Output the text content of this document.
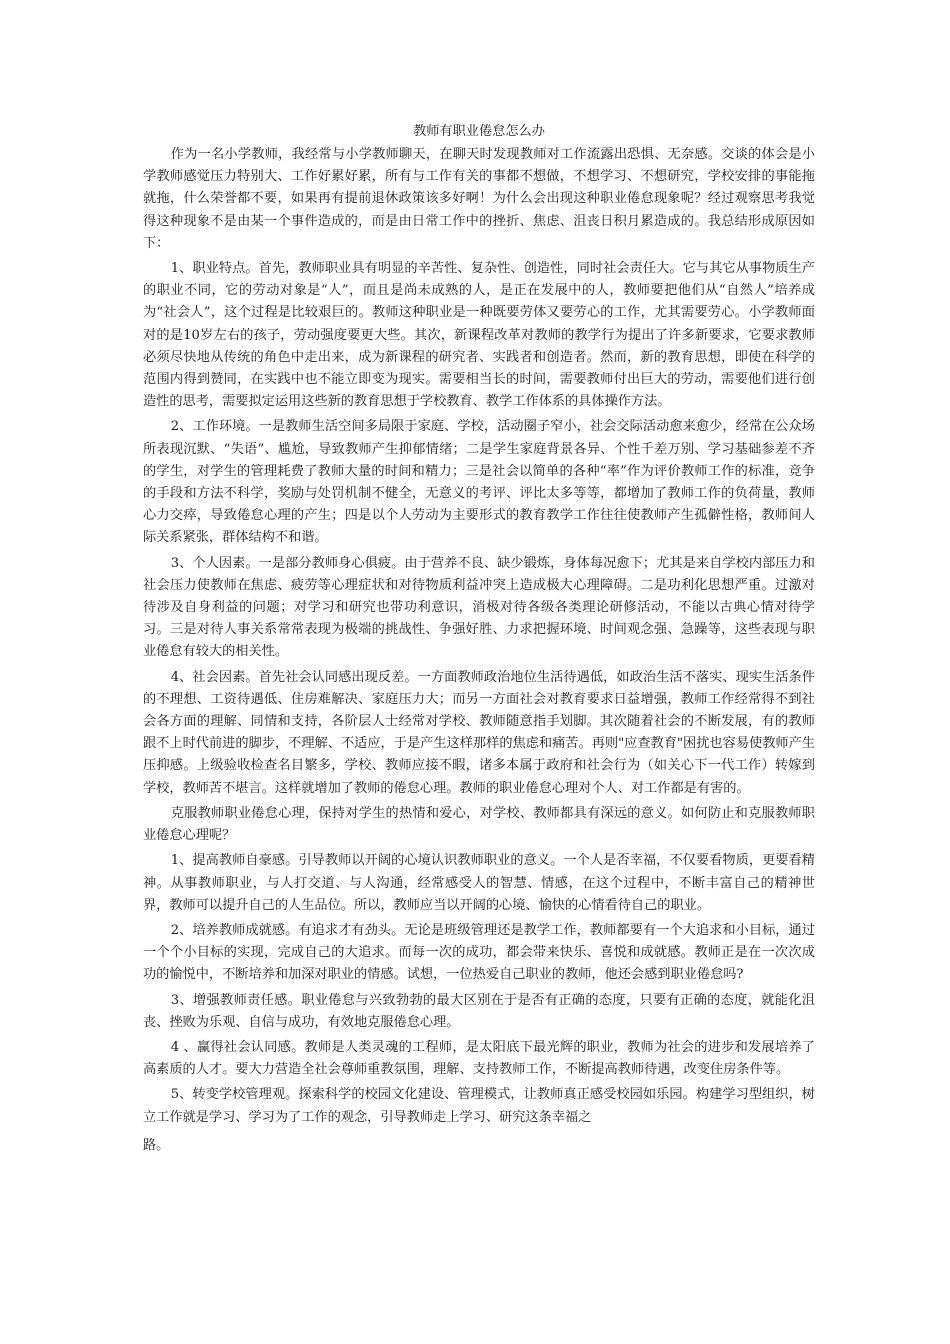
教师有职业倦怠怎么办

作为一名小学教师，我经常与小学教师聊天，在聊天时发现教师对工作流露出恐惧、无奈感。交谈的体会是小学教师感觉压力特别大、工作好累好累，所有与工作有关的事都不想做，不想学习、不想研究，学校安排的事能拖就拖，什么荣誉都不要，如果再有提前退休政策该多好啊！为什么会出现这种职业倦怠现象呢？经过观察思考我觉得这种现象不是由某一个事件造成的，而是由日常工作中的挫折、焦虑、沮丧日积月累造成的。我总结形成原因如下：

1、职业特点。首先，教师职业具有明显的辛苦性、复杂性、创造性，同时社会责任大。它与其它从事物质生产的职业不同，它的劳动对象是“人”，而且是尚未成熟的人，是正在发展中的人，教师要把他们从“自然人”培养成为“社会人”，这个过程是比较艰巨的。教师这种职业是一种既要劳体又要劳心的工作，尤其需要劳心。小学教师面对的是10岁左右的孩子，劳动强度要更大些。其次，新课程改革对教师的教学行为提出了许多新要求，它要求教师必须尽快地从传统的角色中走出来，成为新课程的研究者、实践者和创造者。然而，新的教育思想，即使在科学的范围内得到赞同，在实践中也不能立即变为现实。需要相当长的时间，需要教师付出巨大的劳动，需要他们进行创造性的思考，需要拟定运用这些新的教育思想于学校教育、教学工作体系的具体操作方法。

2、工作环境。一是教师生活空间多局限于家庭、学校，活动圈子窄小，社会交际活动愈来愈少，经常在公众场所表现沉默、“失语”、尴尬，导致教师产生抑郁情绪；二是学生家庭背景各异、个性千差万别、学习基础参差不齐的学生，对学生的管理耗费了教师大量的时间和精力；三是社会以简单的各种“率”作为评价教师工作的标准，竞争的手段和方法不科学，奖励与处罚机制不健全，无意义的考评、评比太多等等，都增加了教师工作的负荷量，教师心力交瘁，导致倦怠心理的产生；四是以个人劳动为主要形式的教育教学工作往往使教师产生孤僻性格，教师间人际关系紧张，群体结构不和谐。

3、个人因素。一是部分教师身心俱疲。由于营养不良、缺少锻炼，身体每况愈下；尤其是来自学校内部压力和社会压力使教师在焦虑、疲劳等心理症状和对待物质利益冲突上造成极大心理障碍。二是功利化思想严重。过激对待涉及自身利益的问题；对学习和研究也带功利意识，消极对待各级各类理论研修活动，不能以古典心情对待学习。三是对待人事关系常常表现为极端的挑战性、争强好胜、力求把握环境、时间观念强、急躁等，这些表现与职业倦怠有较大的相关性。

4、社会因素。首先社会认同感出现反差。一方面教师政治地位生活待遇低，如政治生活不落实、现实生活条件的不理想、工资待遇低、住房难解决、家庭压力大；而另一方面社会对教育要求日益增强，教师工作经常得不到社会各方面的理解、同情和支持，各阶层人士经常对学校、教师随意指手划脚。其次随着社会的不断发展，有的教师跟不上时代前进的脚步，不理解、不适应，于是产生这样那样的焦虑和痛苦。再则"应查教育"困扰也容易使教师产生压抑感。上级验收检查名目繁多，学校、教师应接不暇，诸多本属于政府和社会行为（如关心下一代工作）转嫁到学校，教师苦不堪言。这样就增加了教师的倦怠心理。教师的职业倦怠心理对个人、对工作都是有害的。

克服教师职业倦怠心理，保持对学生的热情和爱心，对学校、教师都具有深远的意义。如何防止和克服教师职业倦怠心理呢？

1、提高教师自豪感。引导教师以开阔的心境认识教师职业的意义。一个人是否幸福，不仅要看物质，更要看精神。从事教师职业，与人打交道、与人沟通，经常感受人的智慧、情感，在这个过程中，不断丰富自己的精神世界，教师可以提升自己的人生品位。所以，教师应当以开阔的心境、愉快的心情看待自己的职业。

2、培养教师成就感。有追求才有劲头。无论是班级管理还是教学工作，教师都要有一个大追求和小目标，通过一个个小目标的实现，完成自己的大追求。而每一次的成功，都会带来快乐、喜悦和成就感。教师正是在一次次成功的愉悦中，不断培养和加深对职业的情感。试想，一位热爱自己职业的教师，他还会感到职业倦怠吗?

3、增强教师责任感。职业倦怠与兴致勃勃的最大区别在于是否有正确的态度，只要有正确的态度，就能化沮丧、挫败为乐观、自信与成功，有效地克服倦怠心理。

4 、赢得社会认同感。教师是人类灵魂的工程师，是太阳底下最光辉的职业，教师为社会的进步和发展培养了高素质的人才。要大力营造全社会尊师重教氛围，理解、支持教师工作，不断提高教师待遇，改变住房条件等。

5、转变学校管理观。探索科学的校园文化建设、管理模式，让教师真正感受校园如乐园。构建学习型组织，树立工作就是学习、学习为了工作的观念，引导教师走上学习、研究这条幸福之

路。
